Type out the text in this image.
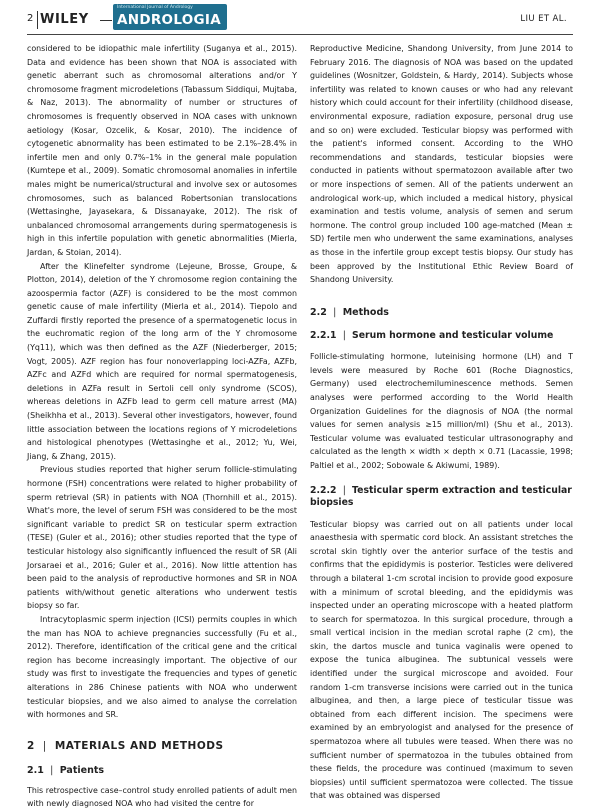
2 WILEY
International Journal of Andrology
ANDROLOGIA	LIU ET AL.

considered to be idiopathic male infertility (Suganya et al., 2015). Data and evidence has been shown that NOA is associated with genetic aberrant such as chromosomal alterations and/or Y chromosome fragment microdeletions (Tabassum Siddiqui, Mujtaba, & Naz, 2013). The abnormality of number or structures of chromosomes is frequently observed in NOA cases with unknown aetiology (Kosar, Ozcelik, & Kosar, 2010). The incidence of cytogenetic abnormality has been estimated to be 2.1%–28.4% in infertile men and only 0.7%–1% in the general male population (Kumtepe et al., 2009). Somatic chromosomal anomalies in infertile males might be numerical/structural and involve sex or autosomes chromosomes, such as balanced Robertsonian translocations (Wettasinghe, Jayasekara, & Dissanayake, 2012). The risk of unbalanced chromosomal arrangements during spermatogenesis is high in this infertile population with genetic abnormalities (Mierla, Jardan, & Stoian, 2014).

After the Klinefelter syndrome (Lejeune, Brosse, Groupe, & Plotton, 2014), deletion of the Y chromosome region containing the azoospermia factor (AZF) is considered to be the most common genetic cause of male infertility (Mierla et al., 2014). Tiepolo and Zuffardi firstly reported the presence of a spermatogenetic locus in the euchromatic region of the long arm of the Y chromosome (Yq11), which was then defined as the AZF (Niederberger, 2015; Vogt, 2005). AZF region has four nonoverlapping loci-AZFa, AZFb, AZFc and AZFd which are required for normal spermatogenesis, deletions in AZFa result in Sertoli cell only syndrome (SCOS), whereas deletions in AZFb lead to germ cell mature arrest (MA) (Sheikhha et al., 2013). Several other investigators, however, found little association between the locations regions of Y microdeletions and histological phenotypes (Wettasinghe et al., 2012; Yu, Wei, Jiang, & Zhang, 2015).

Previous studies reported that higher serum follicle-stimulating hormone (FSH) concentrations were related to higher probability of sperm retrieval (SR) in patients with NOA (Thornhill et al., 2015). What's more, the level of serum FSH was considered to be the most significant variable to predict SR on testicular sperm extraction (TESE) (Guler et al., 2016); other studies reported that the type of testicular histology also significantly influenced the result of SR (Ali Jorsaraei et al., 2016; Guler et al., 2016). Now little attention has been paid to the analysis of reproductive hormones and SR in NOA patients with/without genetic alterations who underwent testis biopsy so far.

Intracytoplasmic sperm injection (ICSI) permits couples in which the man has NOA to achieve pregnancies successfully (Fu et al., 2012). Therefore, identification of the critical gene and the critical region has become increasingly important. The objective of our study was first to investigate the frequencies and types of genetic alterations in 286 Chinese patients with NOA who underwent testicular biopsies, and we also aimed to analyse the correlation with hormones and SR.

2  |  MATERIALS AND METHODS
2.1  |  Patients

This retrospective case–control study enrolled patients of adult men with newly diagnosed NOA who had visited the centre for

Reproductive Medicine, Shandong University, from June 2014 to February 2016. The diagnosis of NOA was based on the updated guidelines (Wosnitzer, Goldstein, & Hardy, 2014). Subjects whose infertility was related to known causes or who had any relevant history which could account for their infertility (childhood disease, environmental exposure, radiation exposure, personal drug use and so on) were excluded. Testicular biopsy was performed with the patient's informed consent. According to the WHO recommendations and standards, testicular biopsies were conducted in patients without spermatozoon available after two or more inspections of semen. All of the patients underwent an andrological work-up, which included a medical history, physical examination and testis volume, analysis of semen and serum hormone. The control group included 100 age-matched (Mean ± SD) fertile men who underwent the same examinations, analyses as those in the infertile group except testis biopsy. Our study has been approved by the Institutional Ethic Review Board of Shandong University.

2.2  |  Methods
2.2.1  |  Serum hormone and testicular volume

Follicle-stimulating hormone, luteinising hormone (LH) and T levels were measured by Roche 601 (Roche Diagnostics, Germany) used electrochemiluminescence methods. Semen analyses were performed according to the World Health Organization Guidelines for the diagnosis of NOA (the normal values for semen analysis ≥15 million/ml) (Shu et al., 2013). Testicular volume was evaluated testicular ultrasonography and calculated as the length × width × depth × 0.71 (Lacassie, 1998; Paltiel et al., 2002; Sobowale & Akiwumi, 1989).

2.2.2  |  Testicular sperm extraction and testicular biopsies

Testicular biopsy was carried out on all patients under local anaesthesia with spermatic cord block. An assistant stretches the scrotal skin tightly over the anterior surface of the testis and confirms that the epididymis is posterior. Testicles were delivered through a bilateral 1-cm scrotal incision to provide good exposure with a minimum of scrotal bleeding, and the epididymis was inspected under an operating microscope with a heated platform to search for spermatozoa. In this surgical procedure, through a small vertical incision in the median scrotal raphe (2 cm), the skin, the dartos muscle and tunica vaginalis were opened to expose the tunica albuginea. The subtunical vessels were identified under the surgical microscope and avoided. Four random 1-cm transverse incisions were carried out in the tunica albuginea, and then, a large piece of testicular tissue was obtained from each different incision. The specimens were examined by an embryologist and analysed for the presence of spermatozoa where all tubules were teased. When there was no sufficient number of spermatozoa in the tubules obtained from these fields, the procedure was continued (maximum to seven biopsies) until sufficient spermatozoa were collected. The tissue that was obtained was dispersed
